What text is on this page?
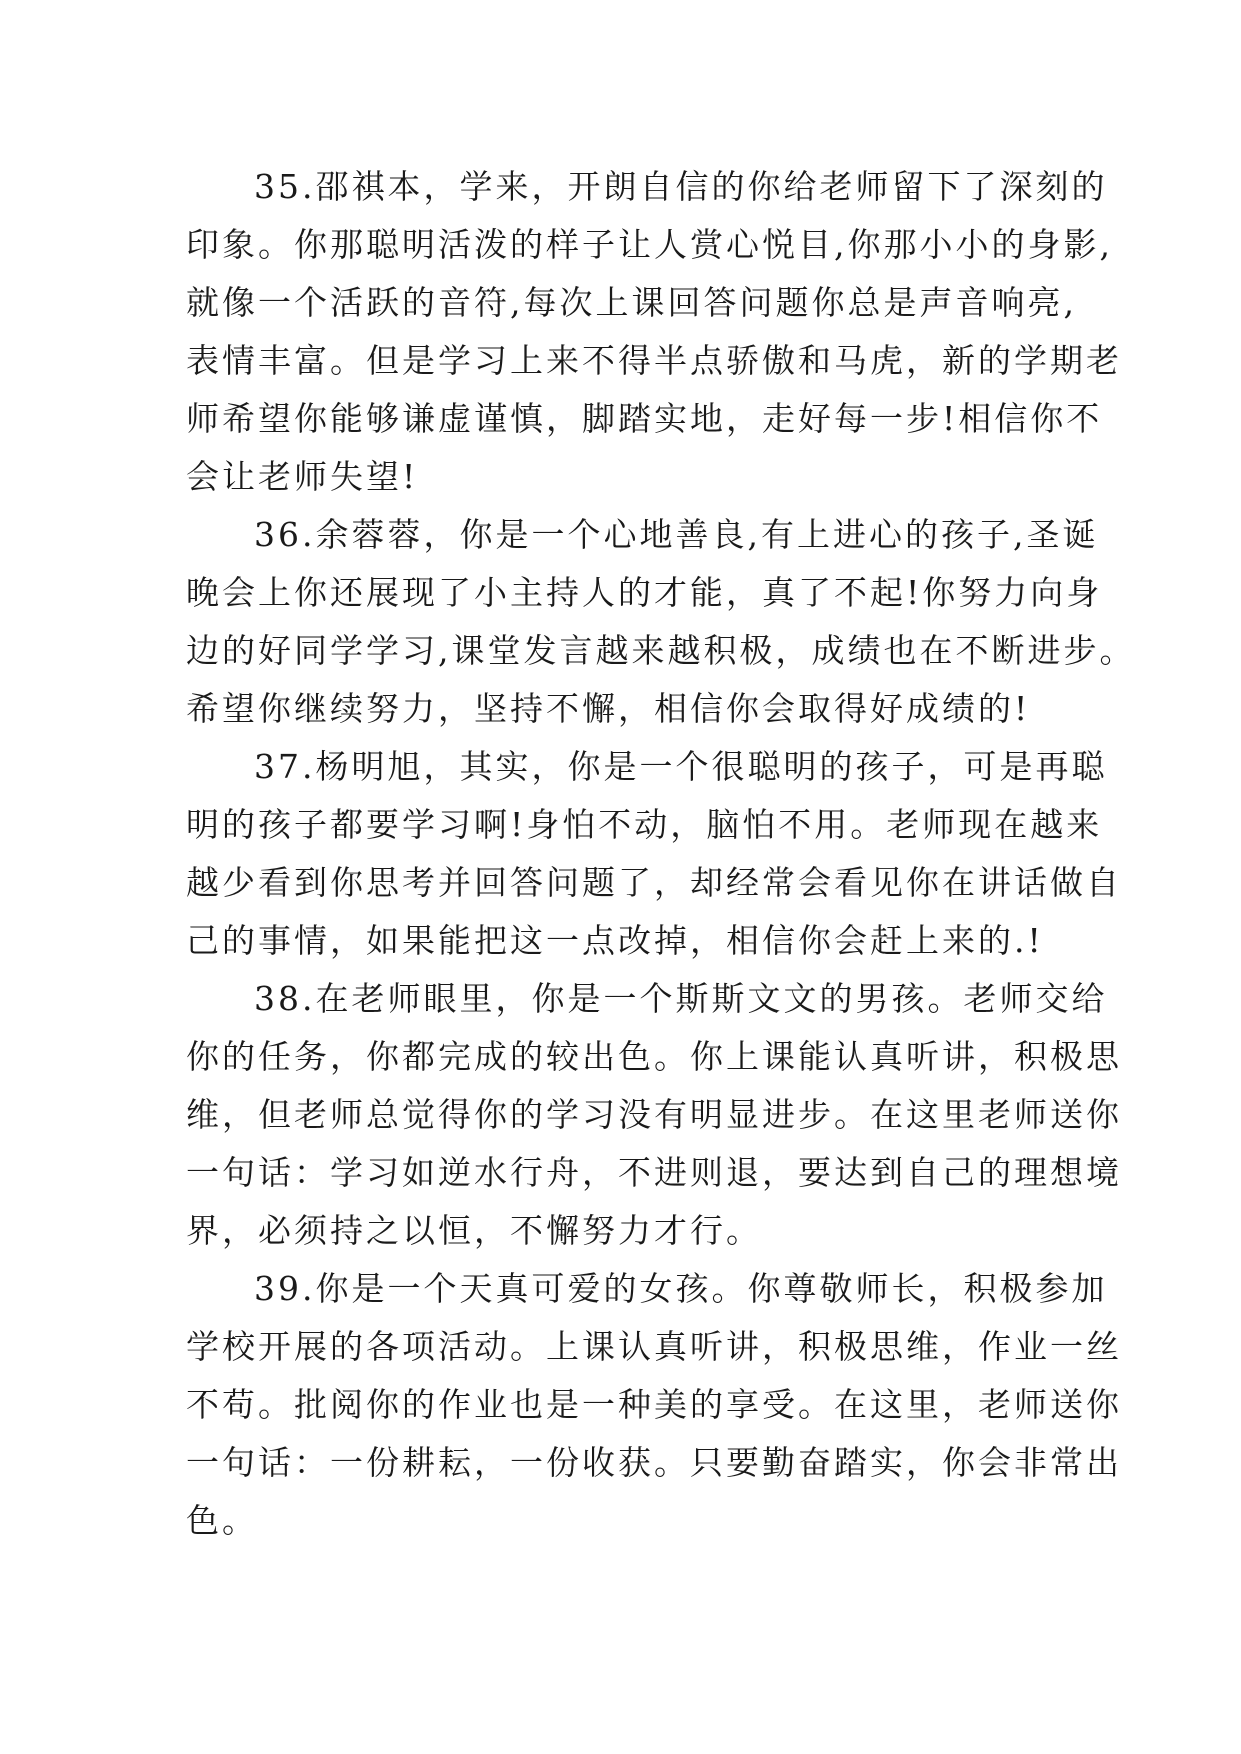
35.邵祺本，学来，开朗自信的你给老师留下了深刻的
印象。你那聪明活泼的样子让人赏心悦目,你那小小的身影,
就像一个活跃的音符,每次上课回答问题你总是声音响亮,
表情丰富。但是学习上来不得半点骄傲和马虎，新的学期老
师希望你能够谦虚谨慎，脚踏实地，走好每一步!相信你不
会让老师失望!
36.余蓉蓉，你是一个心地善良,有上进心的孩子,圣诞
晚会上你还展现了小主持人的才能，真了不起!你努力向身
边的好同学学习,课堂发言越来越积极，成绩也在不断进步。
希望你继续努力，坚持不懈，相信你会取得好成绩的!
37.杨明旭，其实，你是一个很聪明的孩子，可是再聪
明的孩子都要学习啊!身怕不动，脑怕不用。老师现在越来
越少看到你思考并回答问题了，却经常会看见你在讲话做自
己的事情，如果能把这一点改掉，相信你会赶上来的.!
38.在老师眼里，你是一个斯斯文文的男孩。老师交给
你的任务，你都完成的较出色。你上课能认真听讲，积极思
维，但老师总觉得你的学习没有明显进步。在这里老师送你
一句话：学习如逆水行舟，不进则退，要达到自己的理想境
界，必须持之以恒，不懈努力才行。
39.你是一个天真可爱的女孩。你尊敬师长，积极参加
学校开展的各项活动。上课认真听讲，积极思维，作业一丝
不苟。批阅你的作业也是一种美的享受。在这里，老师送你
一句话：一份耕耘，一份收获。只要勤奋踏实，你会非常出
色。
